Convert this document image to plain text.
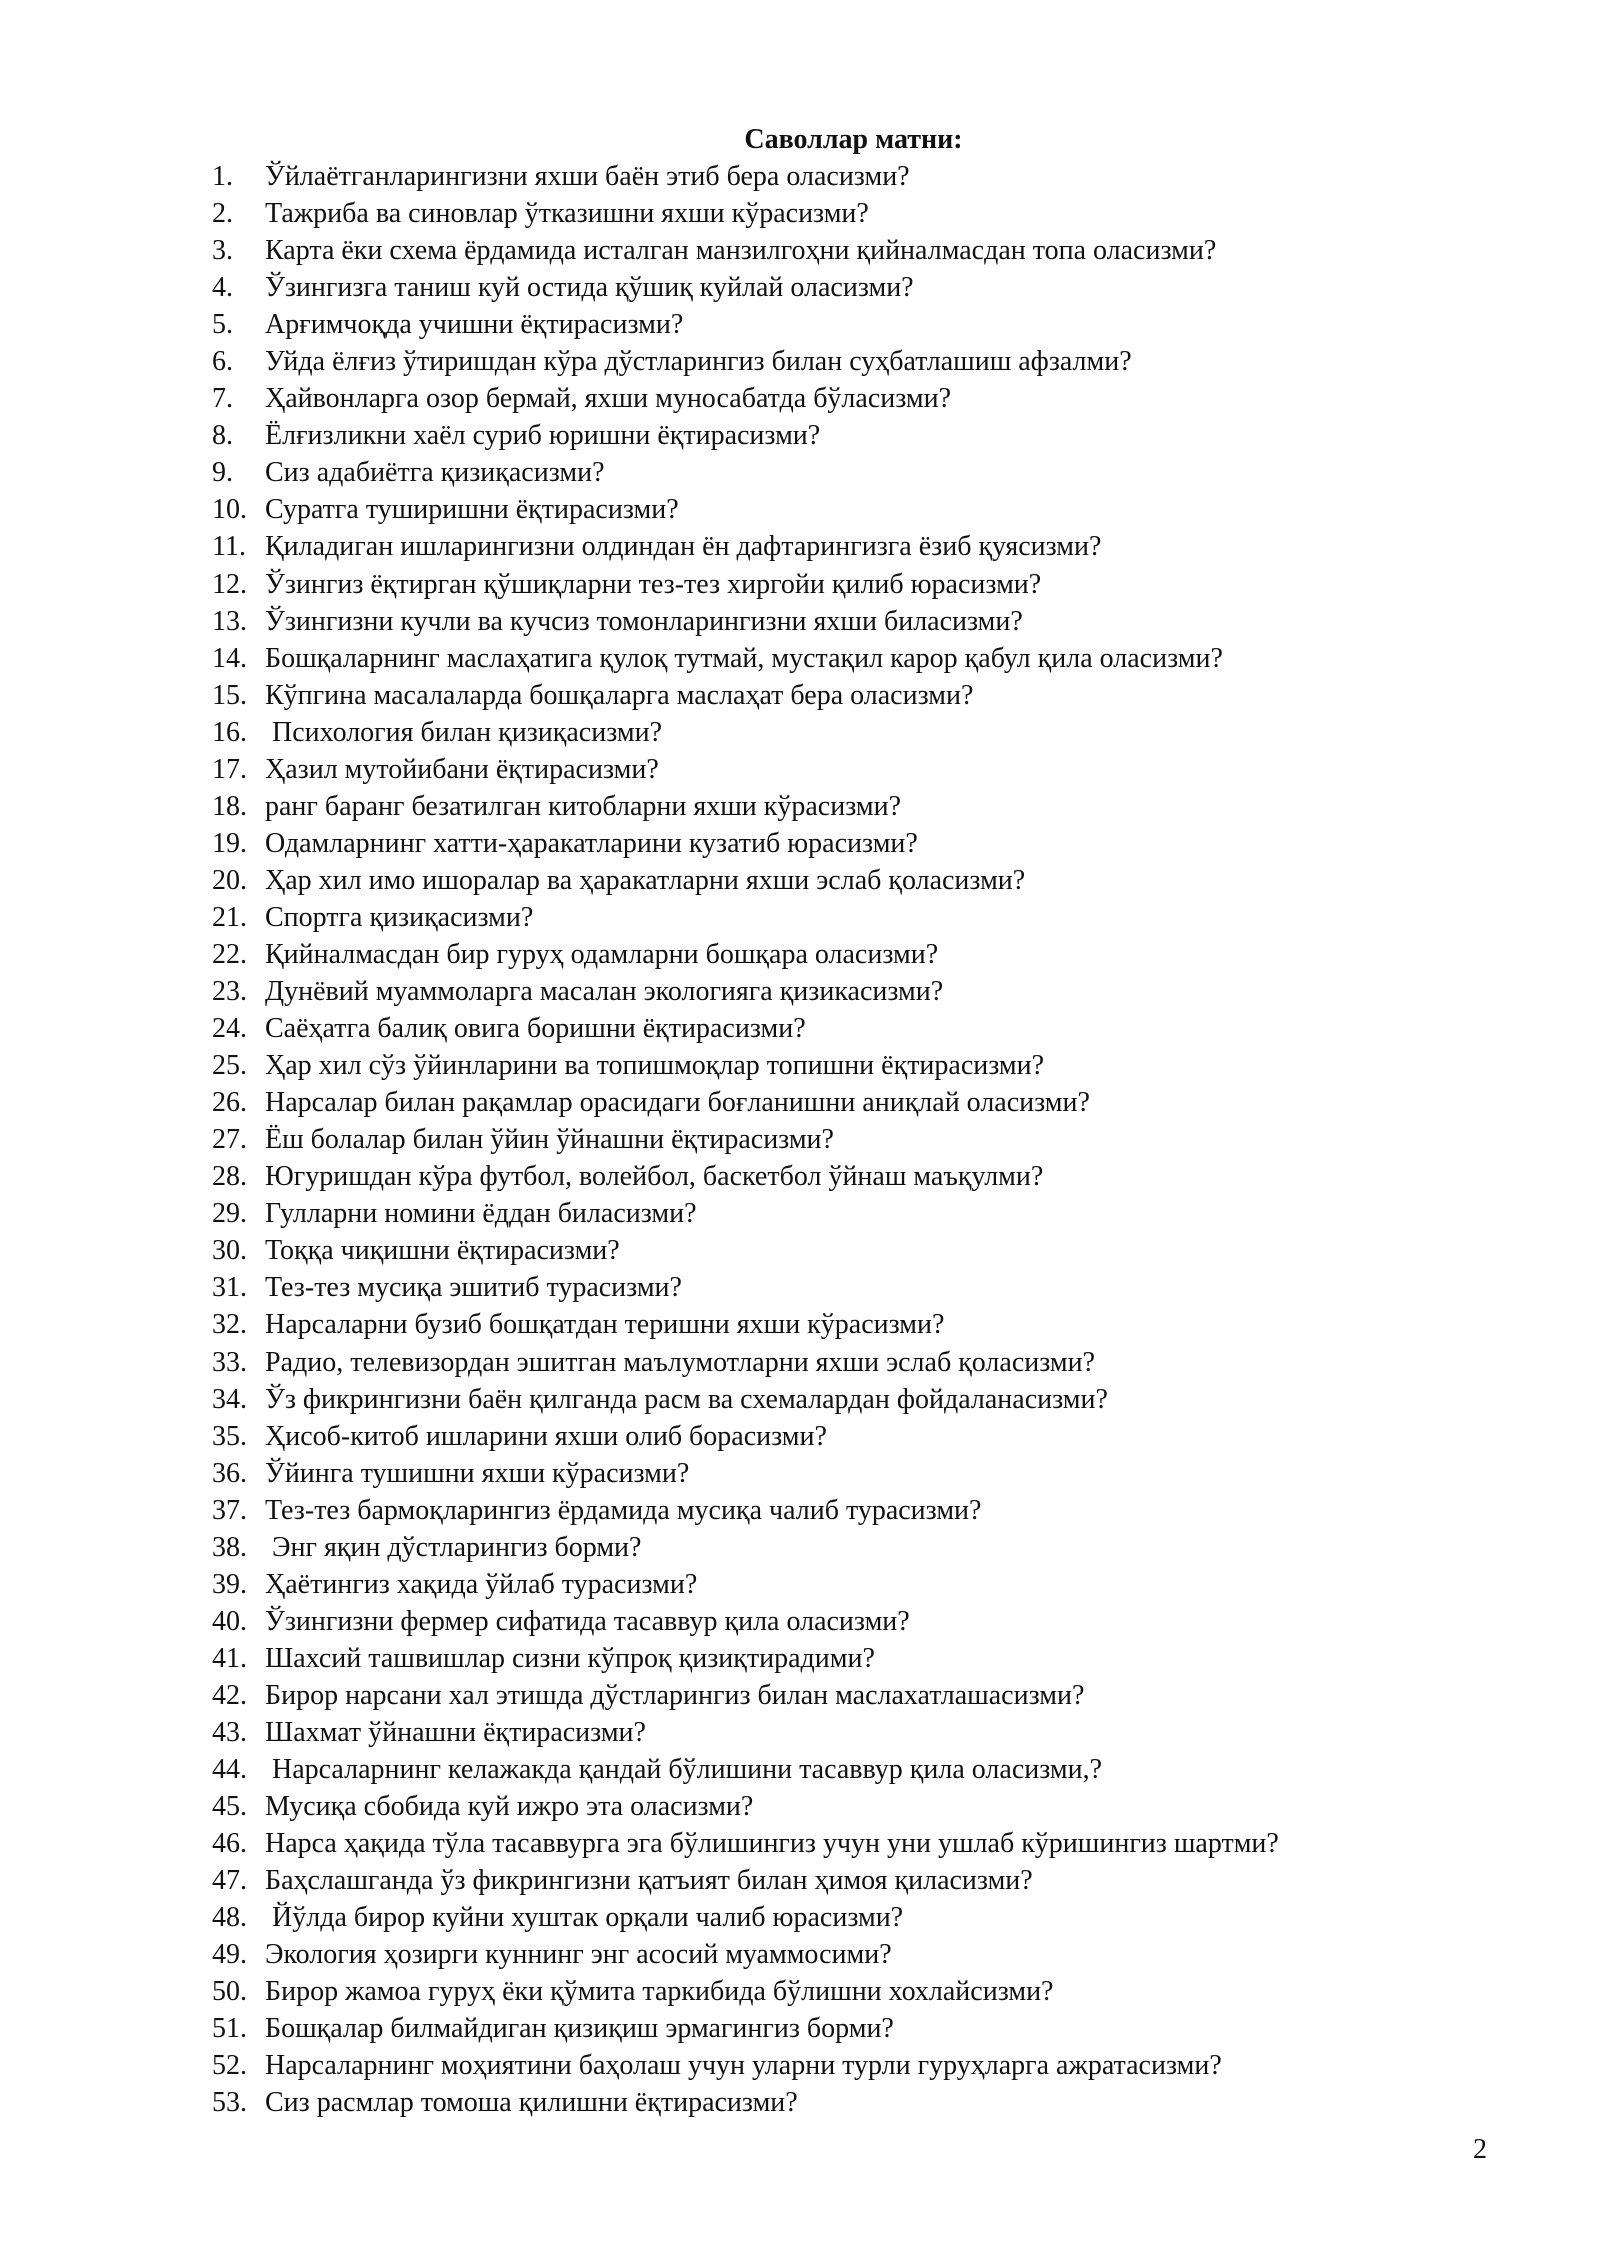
Саволлар матни:
1.	Ўйлаётганларингизни яхши баён этиб бера оласизми?
2.	Тажриба ва синовлар ўтказишни яхши кўрасизми?
3.	Карта ёки схема ёрдамида исталган манзилгоҳни қийналмасдан топа оласизми?
4.	Ўзингизга таниш куй остида қўшиқ куйлай оласизми?
5.	Арғимчоқда учишни ёқтирасизми?
6.	Уйда ёлғиз ўтиришдан кўра дўстларингиз билан суҳбатлашиш афзалми?
7.	Ҳайвонларга озор бермай, яхши муносабатда бўласизми?
8.	Ёлғизликни хаёл суриб юришни ёқтирасизми?
9.	Сиз адабиётга қизиқасизми?
10. Суратга туширишни ёқтирасизми?
11. Қиладиган ишларингизни олдиндан ён дафтарингизга ёзиб қуясизми?
12. Ўзингиз ёқтирган қўшиқларни тез-тез хиргойи қилиб юрасизми?
13. Ўзингизни кучли ва кучсиз томонларингизни яхши биласизми?
14. Бошқаларнинг маслаҳатига қулоқ тутмай, мустақил карор қабул қила оласизми?
15. Кўпгина масалаларда бошқаларга маслаҳат бера оласизми?
16. Психология билан қизиқасизми?
17. Ҳазил мутойибани ёқтирасизми?
18. ранг баранг безатилган китобларни яхши кўрасизми?
19. Одамларнинг хатти-ҳаракатларини кузатиб юрасизми?
20. Ҳар хил имо ишоралар ва ҳаракатларни яхши эслаб қоласизми?
21. Спортга қизиқасизми?
22. Қийналмасдан бир гуруҳ одамларни бошқара оласизми?
23. Дунёвий муаммоларга масалан экологияга қизикасизми?
24. Саёҳатга балиқ овига боришни ёқтирасизми?
25. Ҳар хил сўз ўйинларини ва топишмоқлар топишни ёқтирасизми?
26. Нарсалар билан рақамлар орасидаги боғланишни аниқлай оласизми?
27. Ёш болалар билан ўйин ўйнашни ёқтирасизми?
28. Югуришдан кўра футбол, волейбол, баскетбол ўйнаш маъқулми?
29. Гулларни номини ёддан биласизми?
30. Тоққа чиқишни ёқтирасизми?
31. Тез-тез мусиқа эшитиб турасизми?
32. Нарсаларни бузиб бошқатдан теришни яхши кўрасизми?
33. Радио, телевизордан эшитган маълумотларни яхши эслаб қоласизми?
34. Ўз фикрингизни баён қилганда расм ва схемалардан фойдаланасизми?
35. Ҳисоб-китоб ишларини яхши олиб борасизми?
36. Ўйинга тушишни яхши кўрасизми?
37. Тез-тез бармоқларингиз ёрдамида мусиқа чалиб турасизми?
38. Энг яқин дўстларингиз борми?
39. Ҳаётингиз хақида ўйлаб турасизми?
40. Ўзингизни фермер сифатида тасаввур қила оласизми?
41. Шахсий ташвишлар сизни кўпроқ қизиқтирадими?
42. Бирор нарсани хал этишда дўстларингиз билан маслахатлашасизми?
43. Шахмат ўйнашни ёқтирасизми?
44. Нарсаларнинг келажакда қандай бўлишини тасаввур қила оласизми,?
45. Мусиқа сбобида куй ижро эта оласизми?
46. Нарса ҳақида тўла тасаввурга эга бўлишингиз учун уни ушлаб кўришингиз шартми?
47. Баҳслашганда ўз фикрингизни қатъият билан ҳимоя қиласизми?
48. Йўлда бирор куйни хуштак орқали чалиб юрасизми?
49. Экология ҳозирги куннинг энг асосий муаммосими?
50. Бирор жамоа гуруҳ ёки қўмита таркибида бўлишни хохлайсизми?
51. Бошқалар билмайдиган қизиқиш эрмагингиз борми?
52. Нарсаларнинг моҳиятини баҳолаш учун уларни турли гуруҳларга ажратасизми?
53. Сиз расмлар томоша қилишни ёқтирасизми?
2
